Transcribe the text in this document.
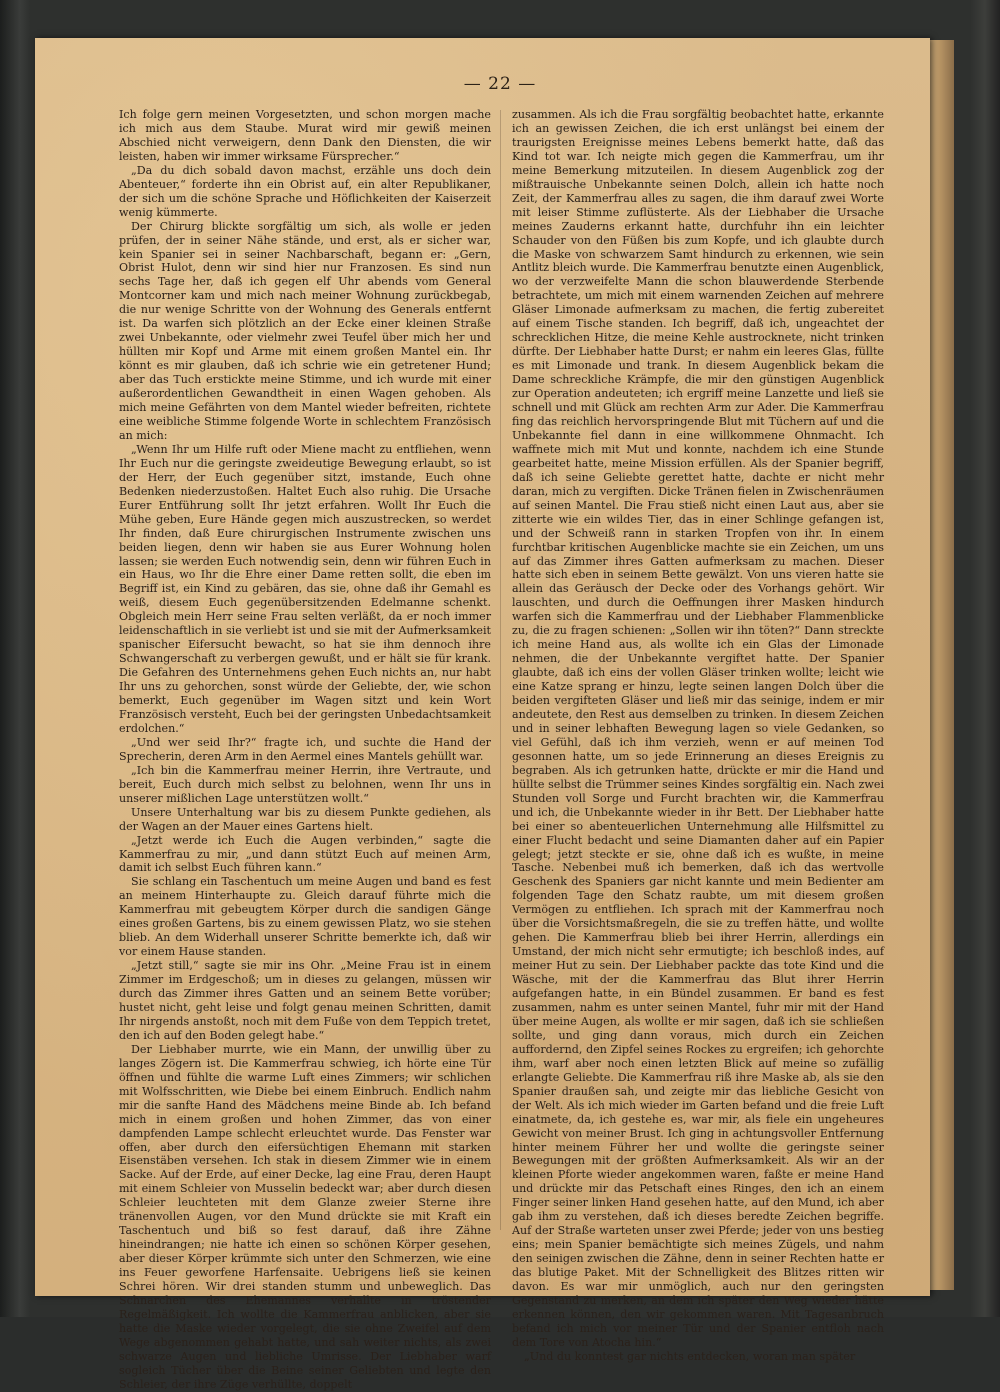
— 22 —

Ich folge gern meinen Vorgesetzten, und schon morgen mache ich mich aus dem Staube. Murat wird mir gewiß meinen Abschied nicht verweigern, denn Dank den Diensten, die wir leisten, haben wir immer wirksame Fürsprecher.“

„Da du dich sobald davon machst, erzähle uns doch dein Abenteuer,“ forderte ihn ein Obrist auf, ein alter Republikaner, der sich um die schöne Sprache und Höflichkeiten der Kaiserzeit wenig kümmerte.

Der Chirurg blickte sorgfältig um sich, als wolle er jeden prüfen, der in seiner Nähe stände, und erst, als er sicher war, kein Spanier sei in seiner Nachbarschaft, begann er: „Gern, Obrist Hulot, denn wir sind hier nur Franzosen. Es sind nun sechs Tage her, daß ich gegen elf Uhr abends vom General Montcorner kam und mich nach meiner Wohnung zurückbegab, die nur wenige Schritte von der Wohnung des Generals entfernt ist. Da warfen sich plötzlich an der Ecke einer kleinen Straße zwei Unbekannte, oder vielmehr zwei Teufel über mich her und hüllten mir Kopf und Arme mit einem großen Mantel ein. Ihr könnt es mir glauben, daß ich schrie wie ein getretener Hund; aber das Tuch erstickte meine Stimme, und ich wurde mit einer außerordentlichen Gewandtheit in einen Wagen gehoben. Als mich meine Gefährten von dem Mantel wieder befreiten, richtete eine weibliche Stimme folgende Worte in schlechtem Französisch an mich:

„Wenn Ihr um Hilfe ruft oder Miene macht zu entfliehen, wenn Ihr Euch nur die geringste zweideutige Bewegung erlaubt, so ist der Herr, der Euch gegenüber sitzt, imstande, Euch ohne Bedenken niederzustoßen. Haltet Euch also ruhig. Die Ursache Eurer Entführung sollt Ihr jetzt erfahren. Wollt Ihr Euch die Mühe geben, Eure Hände gegen mich auszustrecken, so werdet Ihr finden, daß Eure chirurgischen Instrumente zwischen uns beiden liegen, denn wir haben sie aus Eurer Wohnung holen lassen; sie werden Euch notwendig sein, denn wir führen Euch in ein Haus, wo Ihr die Ehre einer Dame retten sollt, die eben im Begriff ist, ein Kind zu gebären, das sie, ohne daß ihr Gemahl es weiß, diesem Euch gegenübersitzenden Edelmanne schenkt. Obgleich mein Herr seine Frau selten verläßt, da er noch immer leidenschaftlich in sie verliebt ist und sie mit der Aufmerksamkeit spanischer Eifersucht bewacht, so hat sie ihm dennoch ihre Schwangerschaft zu verbergen gewußt, und er hält sie für krank. Die Gefahren des Unternehmens gehen Euch nichts an, nur habt Ihr uns zu gehorchen, sonst würde der Geliebte, der, wie schon bemerkt, Euch gegenüber im Wagen sitzt und kein Wort Französisch versteht, Euch bei der geringsten Unbedachtsamkeit erdolchen.“

„Und wer seid Ihr?“ fragte ich, und suchte die Hand der Sprecherin, deren Arm in den Aermel eines Mantels gehüllt war.

„Ich bin die Kammerfrau meiner Herrin, ihre Vertraute, und bereit, Euch durch mich selbst zu belohnen, wenn Ihr uns in unserer mißlichen Lage unterstützen wollt.“

Unsere Unterhaltung war bis zu diesem Punkte gediehen, als der Wagen an der Mauer eines Gartens hielt.

„Jetzt werde ich Euch die Augen verbinden,“ sagte die Kammerfrau zu mir, „und dann stützt Euch auf meinen Arm, damit ich selbst Euch führen kann.“

Sie schlang ein Taschentuch um meine Augen und band es fest an meinem Hinterhaupte zu. Gleich darauf führte mich die Kammerfrau mit gebeugtem Körper durch die sandigen Gänge eines großen Gartens, bis zu einem gewissen Platz, wo sie stehen blieb. An dem Widerhall unserer Schritte bemerkte ich, daß wir vor einem Hause standen.

„Jetzt still,“ sagte sie mir ins Ohr. „Meine Frau ist in einem Zimmer im Erdgeschoß; um in dieses zu gelangen, müssen wir durch das Zimmer ihres Gatten und an seinem Bette vorüber; hustet nicht, geht leise und folgt genau meinen Schritten, damit Ihr nirgends anstoßt, noch mit dem Fuße von dem Teppich tretet, den ich auf den Boden gelegt habe.“

Der Liebhaber murrte, wie ein Mann, der unwillig über zu langes Zögern ist. Die Kammerfrau schwieg, ich hörte eine Tür öffnen und fühlte die warme Luft eines Zimmers; wir schlichen mit Wolfsschritten, wie Diebe bei einem Einbruch. Endlich nahm mir die sanfte Hand des Mädchens meine Binde ab. Ich befand mich in einem großen und hohen Zimmer, das von einer dampfenden Lampe schlecht erleuchtet wurde. Das Fenster war offen, aber durch den eifersüchtigen Ehemann mit starken Eisenstäben versehen. Ich stak in diesem Zimmer wie in einem Sacke. Auf der Erde, auf einer Decke, lag eine Frau, deren Haupt mit einem Schleier von Musselin bedeckt war; aber durch diesen Schleier leuchteten mit dem Glanze zweier Sterne ihre tränenvollen Augen, vor den Mund drückte sie mit Kraft ein Taschentuch und biß so fest darauf, daß ihre Zähne hineindrangen; nie hatte ich einen so schönen Körper gesehen, aber dieser Körper krümmte sich unter den Schmerzen, wie eine ins Feuer geworfene Harfensaite. Uebrigens ließ sie keinen Schrei hören. Wir drei standen stumm und unbeweglich. Das Schnarchen des Ehemannes verhallte in tröstender Regelmäßigkeit. Ich wollte die Kammerfrau anblicken, aber sie hatte die Maske wieder vorgelegt, die sie ohne Zweifel auf dem Wege abgenommen gehabt hatte, und sah weiter nichts, als zwei schwarze Augen und liebliche Umrisse. Der Liebhaber warf sogleich Tücher über die Beine seiner Geliebten und legte den Schleier, der ihre Züge verhüllte, doppelt

zusammen. Als ich die Frau sorgfältig beobachtet hatte, erkannte ich an gewissen Zeichen, die ich erst unlängst bei einem der traurigsten Ereignisse meines Lebens bemerkt hatte, daß das Kind tot war. Ich neigte mich gegen die Kammerfrau, um ihr meine Bemerkung mitzuteilen. In diesem Augenblick zog der mißtrauische Unbekannte seinen Dolch, allein ich hatte noch Zeit, der Kammerfrau alles zu sagen, die ihm darauf zwei Worte mit leiser Stimme zuflüsterte. Als der Liebhaber die Ursache meines Zauderns erkannt hatte, durchfuhr ihn ein leichter Schauder von den Füßen bis zum Kopfe, und ich glaubte durch die Maske von schwarzem Samt hindurch zu erkennen, wie sein Antlitz bleich wurde. Die Kammerfrau benutzte einen Augenblick, wo der verzweifelte Mann die schon blauwerdende Sterbende betrachtete, um mich mit einem warnenden Zeichen auf mehrere Gläser Limonade aufmerksam zu machen, die fertig zubereitet auf einem Tische standen. Ich begriff, daß ich, ungeachtet der schrecklichen Hitze, die meine Kehle austrocknete, nicht trinken dürfte. Der Liebhaber hatte Durst; er nahm ein leeres Glas, füllte es mit Limonade und trank. In diesem Augenblick bekam die Dame schreckliche Krämpfe, die mir den günstigen Augenblick zur Operation andeuteten; ich ergriff meine Lanzette und ließ sie schnell und mit Glück am rechten Arm zur Ader. Die Kammerfrau fing das reichlich hervorspringende Blut mit Tüchern auf und die Unbekannte fiel dann in eine willkommene Ohnmacht. Ich waffnete mich mit Mut und konnte, nachdem ich eine Stunde gearbeitet hatte, meine Mission erfüllen. Als der Spanier begriff, daß ich seine Geliebte gerettet hatte, dachte er nicht mehr daran, mich zu vergiften. Dicke Tränen fielen in Zwischenräumen auf seinen Mantel. Die Frau stieß nicht einen Laut aus, aber sie zitterte wie ein wildes Tier, das in einer Schlinge gefangen ist, und der Schweiß rann in starken Tropfen von ihr. In einem furchtbar kritischen Augenblicke machte sie ein Zeichen, um uns auf das Zimmer ihres Gatten aufmerksam zu machen. Dieser hatte sich eben in seinem Bette gewälzt. Von uns vieren hatte sie allein das Geräusch der Decke oder des Vorhangs gehört. Wir lauschten, und durch die Oeffnungen ihrer Masken hindurch warfen sich die Kammerfrau und der Liebhaber Flammenblicke zu, die zu fragen schienen: „Sollen wir ihn töten?“ Dann streckte ich meine Hand aus, als wollte ich ein Glas der Limonade nehmen, die der Unbekannte vergiftet hatte. Der Spanier glaubte, daß ich eins der vollen Gläser trinken wollte; leicht wie eine Katze sprang er hinzu, legte seinen langen Dolch über die beiden vergifteten Gläser und ließ mir das seinige, indem er mir andeutete, den Rest aus demselben zu trinken. In diesem Zeichen und in seiner lebhaften Bewegung lagen so viele Gedanken, so viel Gefühl, daß ich ihm verzieh, wenn er auf meinen Tod gesonnen hatte, um so jede Erinnerung an dieses Ereignis zu begraben. Als ich getrunken hatte, drückte er mir die Hand und hüllte selbst die Trümmer seines Kindes sorgfältig ein. Nach zwei Stunden voll Sorge und Furcht brachten wir, die Kammerfrau und ich, die Unbekannte wieder in ihr Bett. Der Liebhaber hatte bei einer so abenteuerlichen Unternehmung alle Hilfsmittel zu einer Flucht bedacht und seine Diamanten daher auf ein Papier gelegt; jetzt steckte er sie, ohne daß ich es wußte, in meine Tasche. Nebenbei muß ich bemerken, daß ich das wertvolle Geschenk des Spaniers gar nicht kannte und mein Bedienter am folgenden Tage den Schatz raubte, um mit diesem großen Vermögen zu entfliehen. Ich sprach mit der Kammerfrau noch über die Vorsichtsmaßregeln, die sie zu treffen hätte, und wollte gehen. Die Kammerfrau blieb bei ihrer Herrin, allerdings ein Umstand, der mich nicht sehr ermutigte; ich beschloß indes, auf meiner Hut zu sein. Der Liebhaber packte das tote Kind und die Wäsche, mit der die Kammerfrau das Blut ihrer Herrin aufgefangen hatte, in ein Bündel zusammen. Er band es fest zusammen, nahm es unter seinen Mantel, fuhr mir mit der Hand über meine Augen, als wollte er mir sagen, daß ich sie schließen sollte, und ging dann voraus, mich durch ein Zeichen auffordernd, den Zipfel seines Rockes zu ergreifen; ich gehorchte ihm, warf aber noch einen letzten Blick auf meine so zufällig erlangte Geliebte. Die Kammerfrau riß ihre Maske ab, als sie den Spanier draußen sah, und zeigte mir das liebliche Gesicht von der Welt. Als ich mich wieder im Garten befand und die freie Luft einatmete, da, ich gestehe es, war mir, als fiele ein ungeheures Gewicht von meiner Brust. Ich ging in achtungsvoller Entfernung hinter meinem Führer her und wollte die geringste seiner Bewegungen mit der größten Aufmerksamkeit. Als wir an der kleinen Pforte wieder angekommen waren, faßte er meine Hand und drückte mir das Petschaft eines Ringes, den ich an einem Finger seiner linken Hand gesehen hatte, auf den Mund, ich aber gab ihm zu verstehen, daß ich dieses beredte Zeichen begriffe. Auf der Straße warteten unser zwei Pferde; jeder von uns bestieg eins; mein Spanier bemächtigte sich meines Zügels, und nahm den seinigen zwischen die Zähne, denn in seiner Rechten hatte er das blutige Paket. Mit der Schnelligkeit des Blitzes ritten wir davon. Es war mir unmöglich, auch nur den geringsten Gegenstand zu merken, an dem ich später den Weg wieder hätte erkennen können, den wir gekommen waren. Mit Tagesanbruch befand ich mich vor meiner Tür und der Spanier entfloh nach dem Tore von Atocha hin.“

„Und du konntest gar nichts entdecken, woran man später
